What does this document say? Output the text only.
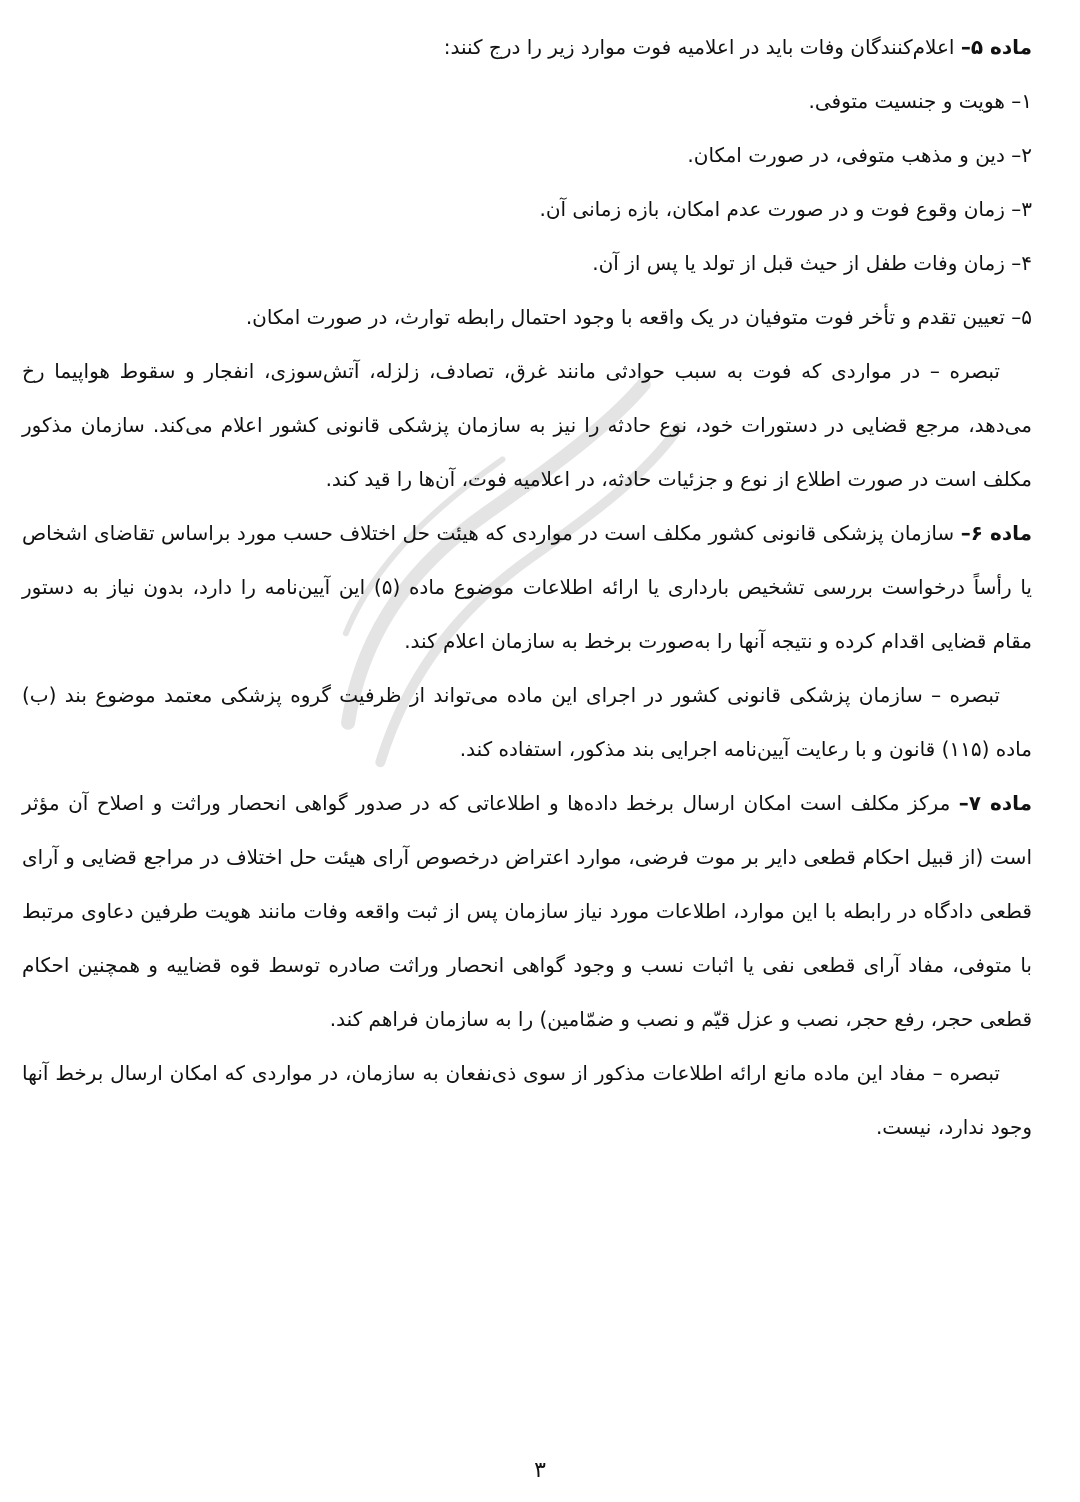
ماده ۵– اعلام‌کنندگان وفات باید در اعلامیه فوت موارد زیر را درج کنند:
۱– هویت و جنسیت متوفی.
۲– دین و مذهب متوفی، در صورت امکان.
۳– زمان وقوع فوت و در صورت عدم امکان، بازه زمانی آن.
۴– زمان وفات طفل از حیث قبل از تولد یا پس از آن.
۵– تعیین تقدم و تأخر فوت متوفیان در یک واقعه با وجود احتمال رابطه توارث، در صورت امکان.
تبصره – در مواردی که فوت به سبب حوادثی مانند غرق، تصادف، زلزله، آتش‌سوزی، انفجار و سقوط هواپیما رخ می‌دهد، مرجع قضایی در دستورات خود، نوع حادثه را نیز به سازمان پزشکی قانونی کشور اعلام می‌کند. سازمان مذکور مکلف است در صورت اطلاع از نوع و جزئیات حادثه، در اعلامیه فوت، آن‌ها را قید کند.
ماده ۶– سازمان پزشکی قانونی کشور مکلف است در مواردی که هیئت حل اختلاف حسب مورد براساس تقاضای اشخاص یا رأساً درخواست بررسی تشخیص بارداری یا ارائه اطلاعات موضوع ماده (۵) این آیین‌نامه را دارد، بدون نیاز به دستور مقام قضایی اقدام کرده و نتیجه آنها را به‌صورت برخط به سازمان اعلام کند.
تبصره – سازمان پزشکی قانونی کشور در اجرای این ماده می‌تواند از ظرفیت گروه پزشکی معتمد موضوع بند (ب) ماده (۱۱۵) قانون و با رعایت آیین‌نامه اجرایی بند مذکور، استفاده کند.
ماده ۷– مرکز مکلف است امکان ارسال برخط داده‌ها و اطلاعاتی که در صدور گواهی انحصار وراثت و اصلاح آن مؤثر است (از قبیل احکام قطعی دایر بر موت فرضی، موارد اعتراض درخصوص آرای هیئت حل اختلاف در مراجع قضایی و آرای قطعی دادگاه در رابطه با این موارد، اطلاعات مورد نیاز سازمان پس از ثبت واقعه وفات مانند هویت طرفین دعاوی مرتبط با متوفی، مفاد آرای قطعی نفی یا اثبات نسب و وجود گواهی انحصار وراثت صادره توسط قوه قضاییه و همچنین احکام قطعی حجر، رفع حجر، نصب و عزل قیّم و نصب و ضمّامین) را به سازمان فراهم کند.
تبصره – مفاد این ماده مانع ارائه اطلاعات مذکور از سوی ذی‌نفعان به سازمان، در مواردی که امکان ارسال برخط آنها وجود ندارد، نیست.
۳
